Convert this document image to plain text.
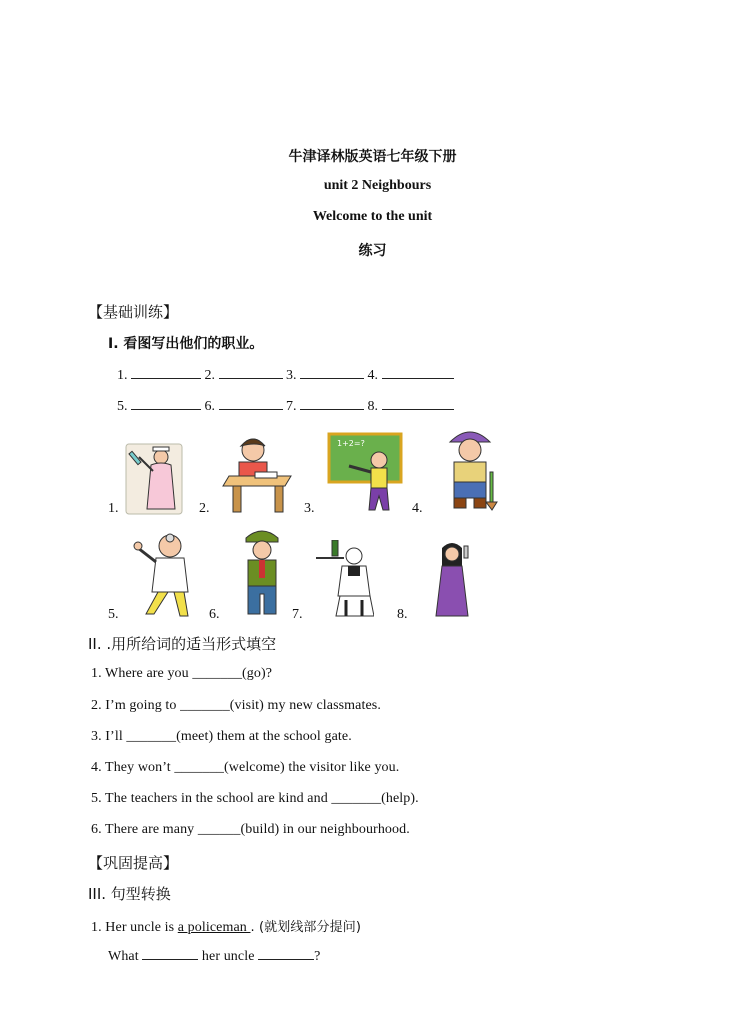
牛津译林版英语七年级下册
unit 2 Neighbours
Welcome to the unit
练习
【基础训练】
I. 看图写出他们的职业。
1.	2.	3.	4.
5.	6.	7.	8.
1.	2.	3.
1+2=?
4.
5.	6.	7.	8.
II. .用所给词的适当形式填空
1. Where are you _______(go)?
2. I’m going to _______(visit) my new classmates.
3. I’ll _______(meet) them at the school gate.
4. They won’t _______(welcome) the visitor like you.
5. The teachers in the school are kind and _______(help).
6. There are many ______(build) in our neighbourhood.
【巩固提高】
III. 句型转换
1. Her uncle is a policeman . (就划线部分提问)
What	her uncle	?
